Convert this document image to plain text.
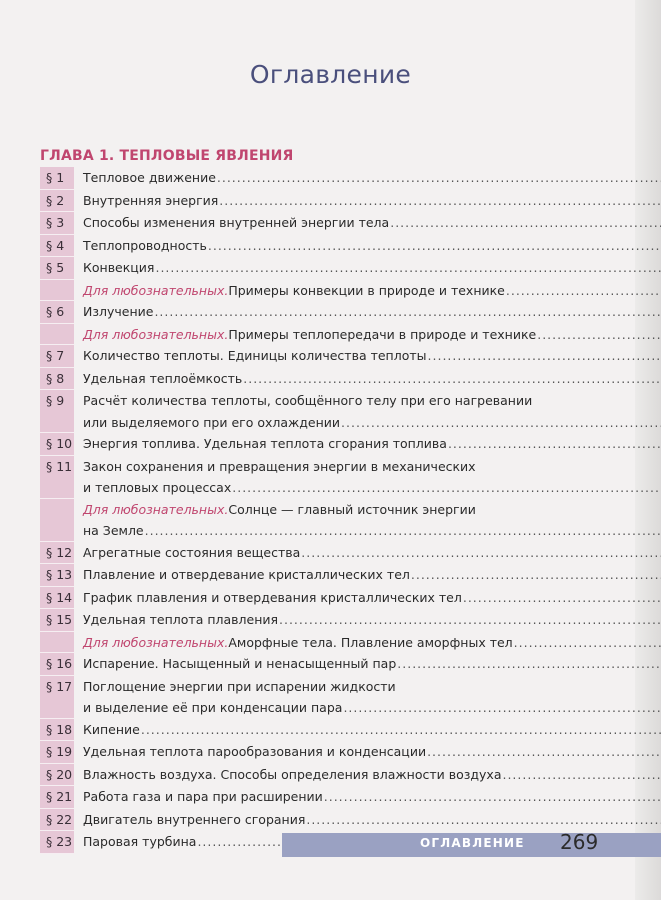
Оглавление
ГЛАВА 1. ТЕПЛОВЫЕ ЯВЛЕНИЯ
§ 1	Тепловое движение
.....
§ 2	Внутренняя энергия
.....
§ 3	Способы изменения внутренней энергии тела
.....
§ 4	Теплопроводность
.....
§ 5	Конвекция
.....
Для любознательных. Примеры конвекции в природе и технике
.....
§ 6	Излучение
.....
Для любознательных. Примеры теплопередачи в природе и технике
.....
§ 7	Количество теплоты. Единицы количества теплоты
.....
§ 8	Удельная теплоёмкость
.....
§ 9	Расчёт количества теплоты, сообщённого телу при его нагревании
или выделяемого при его охлаждении
.....
§ 10 Энергия топлива. Удельная теплота сгорания топлива
.....
§ 11 Закон сохранения и превращения энергии в механических
и тепловых процессах
.....
Для любознательных. Солнце — главный источник энергии
на Земле
.....
§ 12 Агрегатные состояния вещества
.....
§ 13 Плавление и отвердевание кристаллических тел
.....
§ 14 График плавления и отвердевания кристаллических тел
.....
§ 15 Удельная теплота плавления
.....
Для любознательных. Аморфные тела. Плавление аморфных тел
.....
§ 16 Испарение. Насыщенный и ненасыщенный пар
.....
§ 17 Поглощение энергии при испарении жидкости
и выделение её при конденсации пара
.....
§ 18 Кипение
.....
§ 19 Удельная теплота парообразования и конденсации
.....
§ 20 Влажность воздуха. Способы определения влажности воздуха
.....
§ 21 Работа газа и пара при расширении
.....
§ 22 Двигатель внутреннего сгорания
.....
§ 23 Паровая турбина
.....	ОГЛАВЛЕНИЕ 269
